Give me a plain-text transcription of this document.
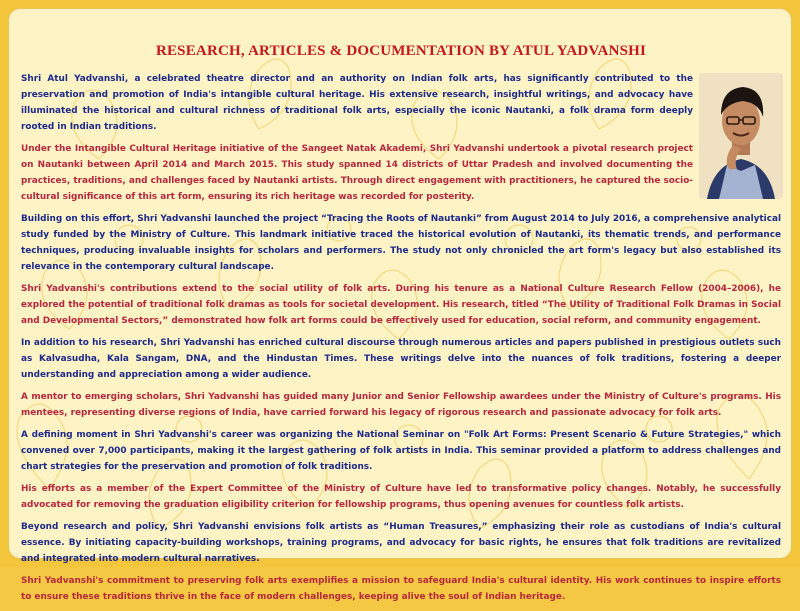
RESEARCH, ARTICLES & DOCUMENTATION BY ATUL YADVANSHI

Shri Atul Yadvanshi, a celebrated theatre director and an authority on Indian folk arts, has significantly contributed to the preservation and promotion of India's intangible cultural heritage. His extensive research, insightful writings, and advocacy have illuminated the historical and cultural richness of traditional folk arts, especially the iconic Nautanki, a folk drama form deeply rooted in Indian traditions.

Under the Intangible Cultural Heritage initiative of the Sangeet Natak Akademi, Shri Yadvanshi undertook a pivotal research project on Nautanki between April 2014 and March 2015. This study spanned 14 districts of Uttar Pradesh and involved documenting the practices, traditions, and challenges faced by Nautanki artists. Through direct engagement with practitioners, he captured the socio-cultural significance of this art form, ensuring its rich heritage was recorded for posterity.

Building on this effort, Shri Yadvanshi launched the project “Tracing the Roots of Nautanki” from August 2014 to July 2016, a comprehensive analytical study funded by the Ministry of Culture. This landmark initiative traced the historical evolution of Nautanki, its thematic trends, and performance techniques, producing invaluable insights for scholars and performers. The study not only chronicled the art form's legacy but also established its relevance in the contemporary cultural landscape.

Shri Yadvanshi's contributions extend to the social utility of folk arts. During his tenure as a National Culture Research Fellow (2004–2006), he explored the potential of traditional folk dramas as tools for societal development. His research, titled “The Utility of Traditional Folk Dramas in Social and Developmental Sectors,” demonstrated how folk art forms could be effectively used for education, social reform, and community engagement.

In addition to his research, Shri Yadvanshi has enriched cultural discourse through numerous articles and papers published in prestigious outlets such as Kalvasudha, Kala Sangam, DNA, and the Hindustan Times. These writings delve into the nuances of folk traditions, fostering a deeper understanding and appreciation among a wider audience.

A mentor to emerging scholars, Shri Yadvanshi has guided many Junior and Senior Fellowship awardees under the Ministry of Culture's programs. His mentees, representing diverse regions of India, have carried forward his legacy of rigorous research and passionate advocacy for folk arts.

A defining moment in Shri Yadvanshi's career was organizing the National Seminar on "Folk Art Forms: Present Scenario & Future Strategies," which convened over 7,000 participants, making it the largest gathering of folk artists in India. This seminar provided a platform to address challenges and chart strategies for the preservation and promotion of folk traditions.

His efforts as a member of the Expert Committee of the Ministry of Culture have led to transformative policy changes. Notably, he successfully advocated for removing the graduation eligibility criterion for fellowship programs, thus opening avenues for countless folk artists.

Beyond research and policy, Shri Yadvanshi envisions folk artists as “Human Treasures,” emphasizing their role as custodians of India's cultural essence. By initiating capacity-building workshops, training programs, and advocacy for basic rights, he ensures that folk traditions are revitalized and integrated into modern cultural narratives.

Shri Yadvanshi's commitment to preserving folk arts exemplifies a mission to safeguard India's cultural identity. His work continues to inspire efforts to ensure these traditions thrive in the face of modern challenges, keeping alive the soul of Indian heritage.
